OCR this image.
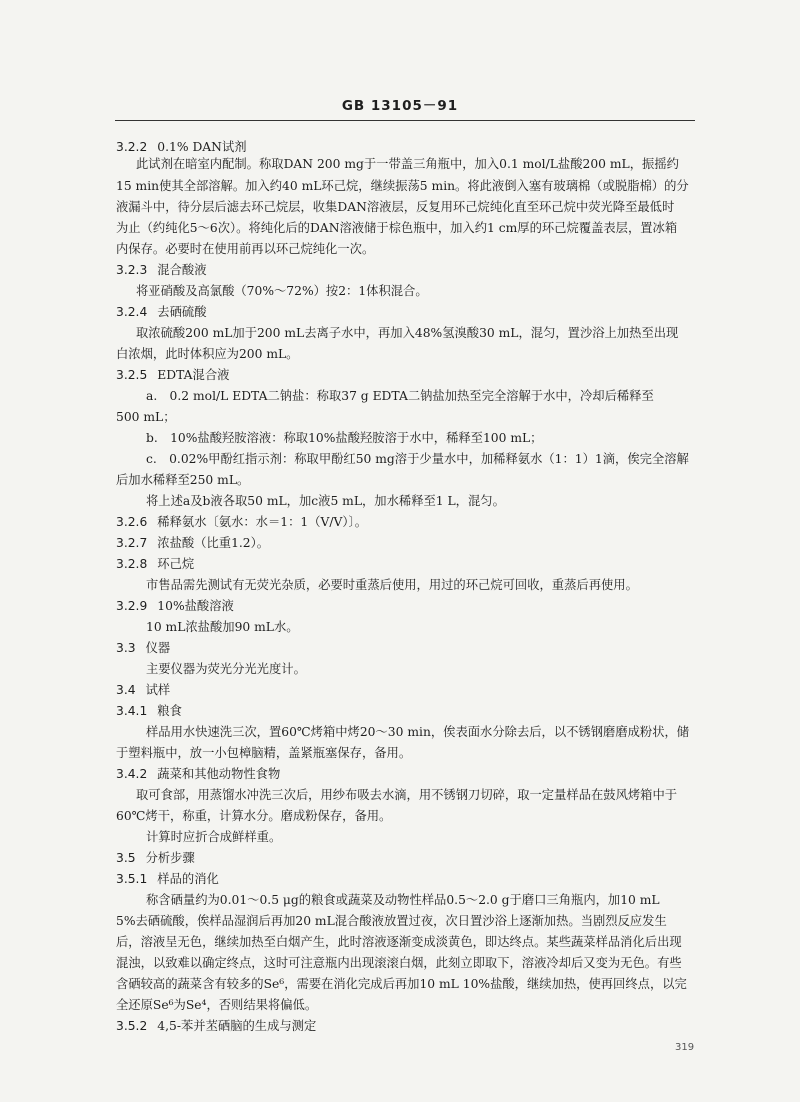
GB 13105－91
3.2.2 0.1% DAN试剂
此试剂在暗室内配制。称取DAN 200 mg于一带盖三角瓶中，加入0.1 mol/L盐酸200 mL，振摇约
15 min使其全部溶解。加入约40 mL环己烷，继续振荡5 min。将此液倒入塞有玻璃棉（或脱脂棉）的分
液漏斗中，待分层后滤去环己烷层，收集DAN溶液层，反复用环己烷纯化直至环己烷中荧光降至最低时
为止（约纯化5～6次）。将纯化后的DAN溶液储于棕色瓶中，加入约1 cm厚的环己烷覆盖表层，置冰箱
内保存。必要时在使用前再以环己烷纯化一次。
3.2.3 混合酸液
将亚硝酸及高氯酸（70%～72%）按2：1体积混合。
3.2.4 去硒硫酸
取浓硫酸200 mL加于200 mL去离子水中，再加入48%氢溴酸30 mL，混匀，置沙浴上加热至出现
白浓烟，此时体积应为200 mL。
3.2.5 EDTA混合液
a.　0.2 mol/L EDTA二钠盐：称取37 g EDTA二钠盐加热至完全溶解于水中，冷却后稀释至
500 mL；
b.　10%盐酸羟胺溶液：称取10%盐酸羟胺溶于水中，稀释至100 mL；
c.　0.02%甲酚红指示剂：称取甲酚红50 mg溶于少量水中，加稀释氨水（1：1）1滴，俟完全溶解
后加水稀释至250 mL。
将上述a及b液各取50 mL，加c液5 mL，加水稀释至1 L，混匀。
3.2.6 稀释氨水〔氨水：水＝1：1（V/V）〕。
3.2.7 浓盐酸（比重1.2）。
3.2.8 环己烷
市售品需先测试有无荧光杂质，必要时重蒸后使用，用过的环己烷可回收，重蒸后再使用。
3.2.9 10%盐酸溶液
10 mL浓盐酸加90 mL水。
3.3 仪器
主要仪器为荧光分光光度计。
3.4 试样
3.4.1 粮食
样品用水快速洗三次，置60℃烤箱中烤20～30 min，俟表面水分除去后，以不锈钢磨磨成粉状，储
于塑料瓶中，放一小包樟脑精，盖紧瓶塞保存，备用。
3.4.2 蔬菜和其他动物性食物
取可食部，用蒸馏水冲洗三次后，用纱布吸去水滴，用不锈钢刀切碎，取一定量样品在鼓风烤箱中于
60℃烤干，称重，计算水分。磨成粉保存，备用。
计算时应折合成鲜样重。
3.5 分析步骤
3.5.1 样品的消化
称含硒量约为0.01～0.5 μg的粮食或蔬菜及动物性样品0.5～2.0 g于磨口三角瓶内，加10 mL
5%去硒硫酸，俟样品湿润后再加20 mL混合酸液放置过夜，次日置沙浴上逐渐加热。当剧烈反应发生
后，溶液呈无色，继续加热至白烟产生，此时溶液逐渐变成淡黄色，即达终点。某些蔬菜样品消化后出现
混浊，以致难以确定终点，这时可注意瓶内出现滚滚白烟，此刻立即取下，溶液冷却后又变为无色。有些
含硒较高的蔬菜含有较多的Se⁶，需要在消化完成后再加10 mL 10%盐酸，继续加热，使再回终点，以完
全还原Se⁶为Se⁴，否则结果将偏低。
3.5.2 4,5-苯并苤硒脑的生成与测定
319
